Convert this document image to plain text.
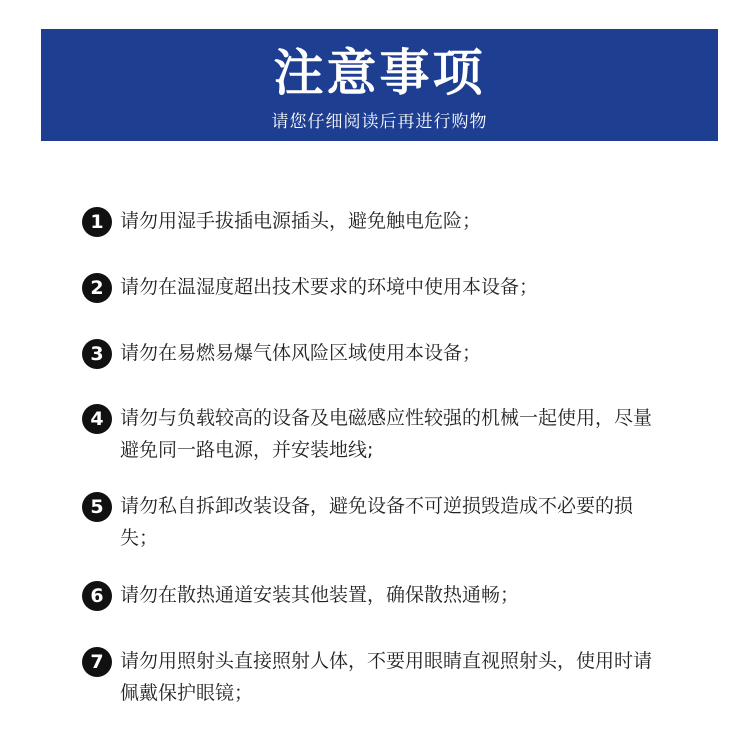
注意事项
请您仔细阅读后再进行购物
1 请勿用湿手拔插电源插头，避免触电危险；
2 请勿在温湿度超出技术要求的环境中使用本设备；
3 请勿在易燃易爆气体风险区域使用本设备；
4 请勿与负载较高的设备及电磁感应性较强的机械一起使用，尽量避免同一路电源，并安装地线;
5 请勿私自拆卸改装设备，避免设备不可逆损毁造成不必要的损失；
6 请勿在散热通道安装其他装置，确保散热通畅；
7 请勿用照射头直接照射人体，不要用眼睛直视照射头，使用时请佩戴保护眼镜；
